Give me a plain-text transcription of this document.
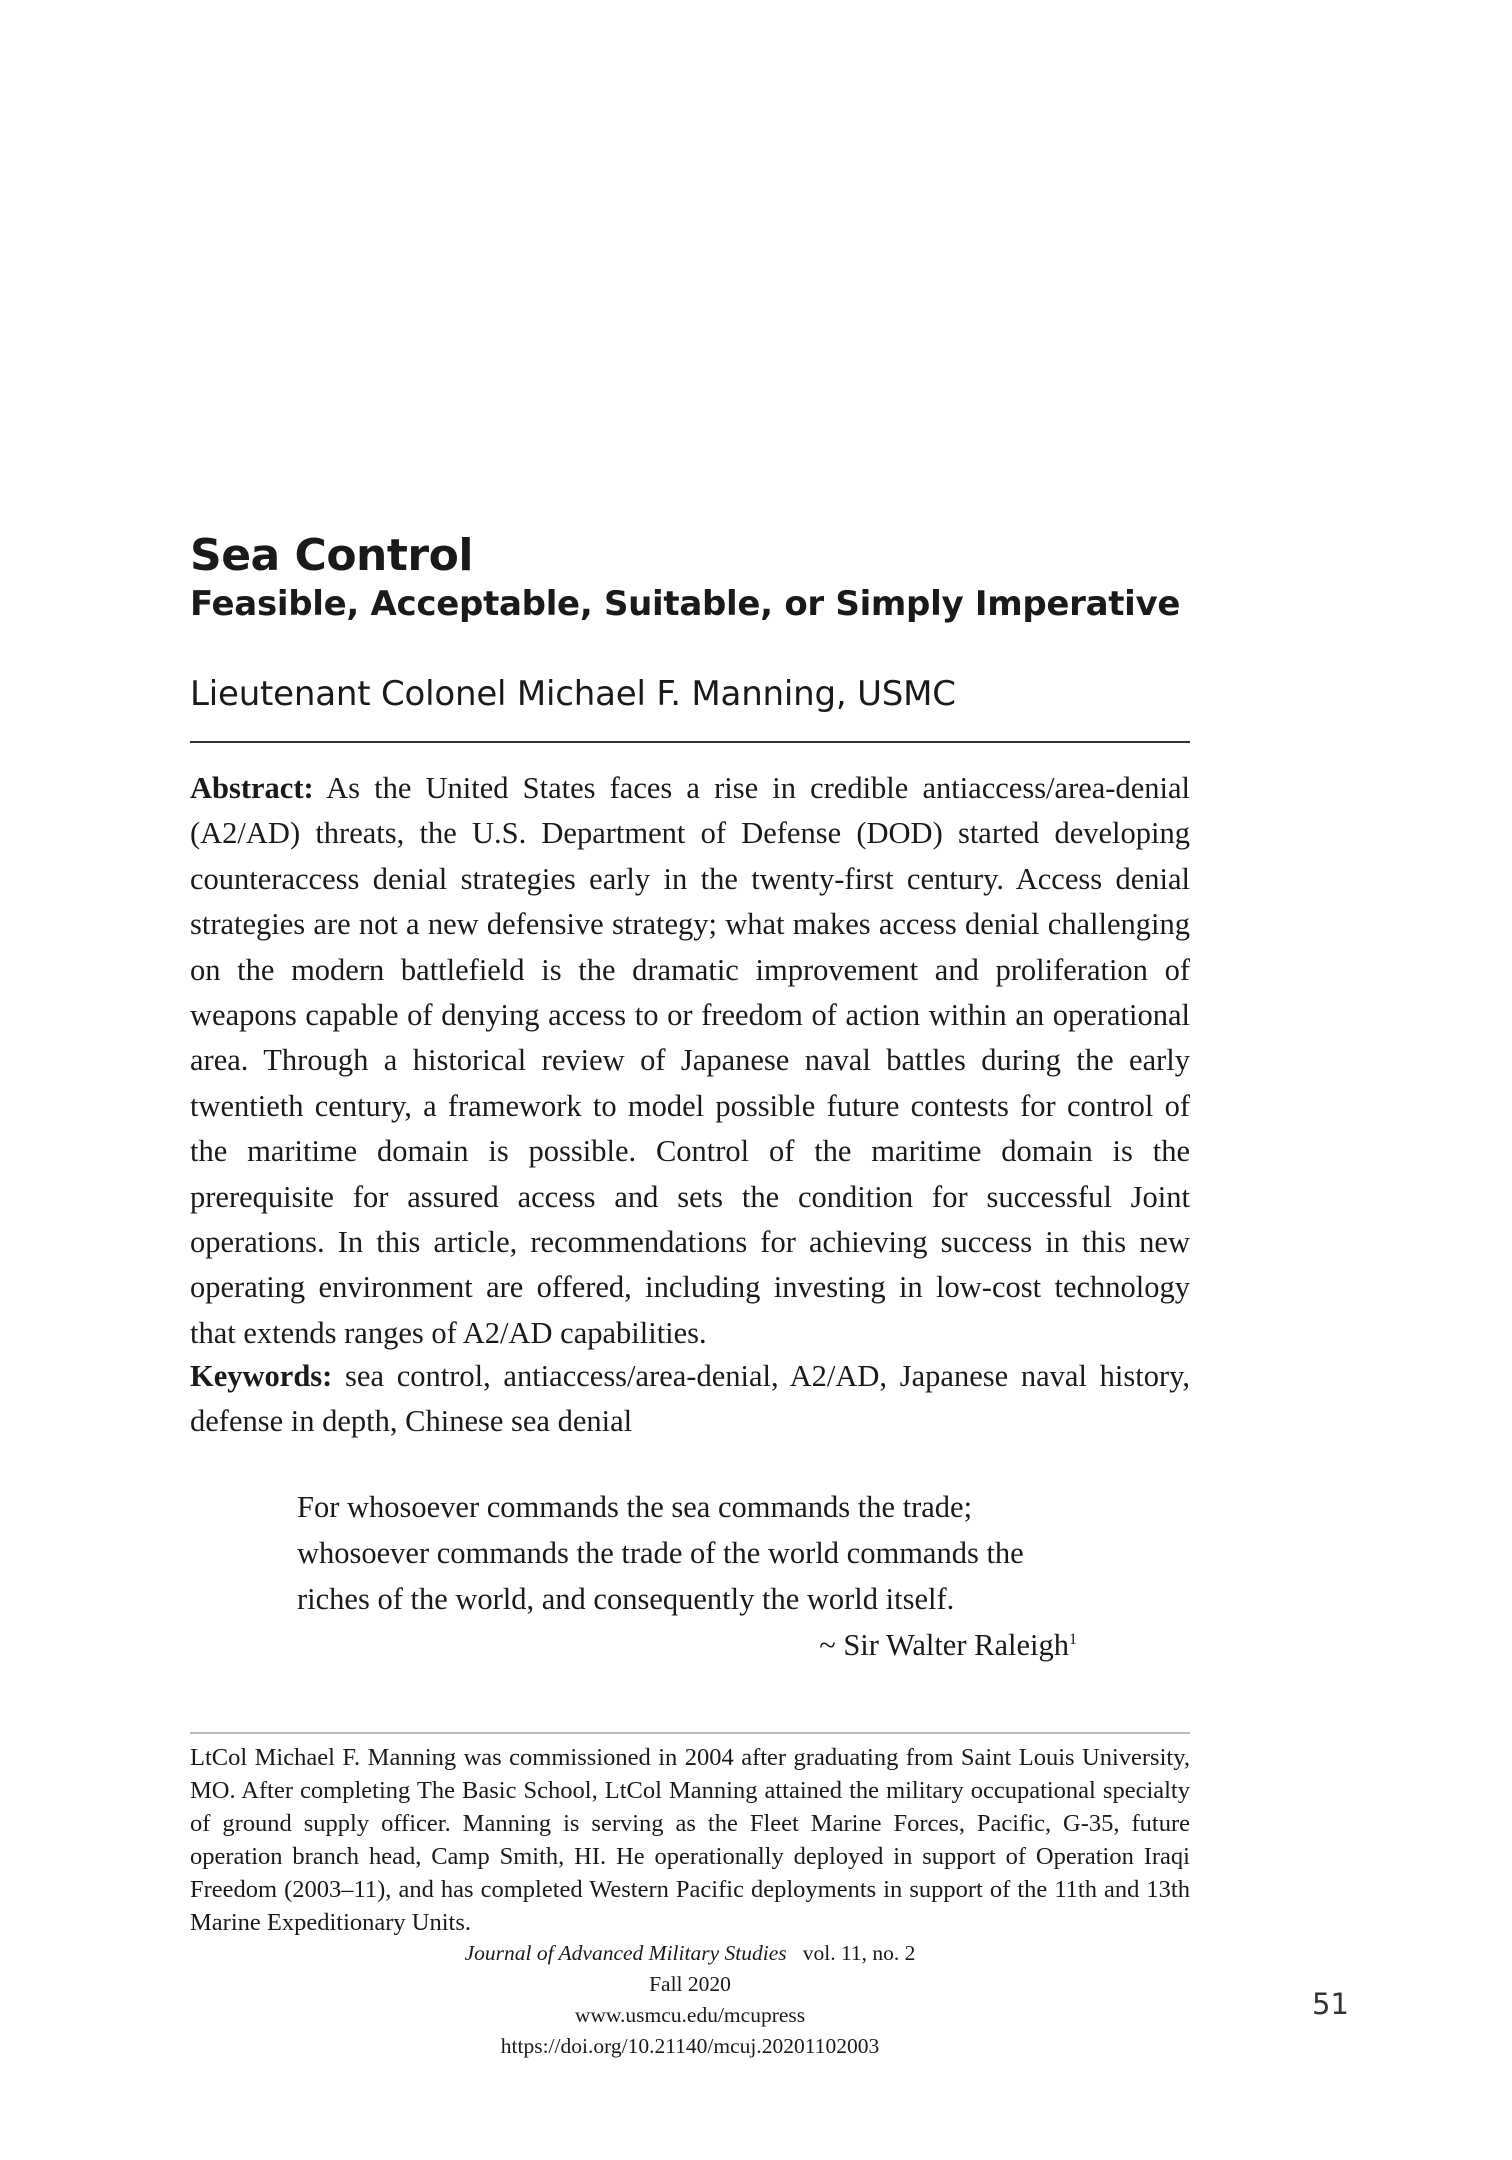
Sea Control
Feasible, Acceptable, Suitable, or Simply Imperative
Lieutenant Colonel Michael F. Manning, USMC

Abstract: As the United States faces a rise in credible antiaccess/area-denial (A2/AD) threats, the U.S. Department of Defense (DOD) started developing counteraccess denial strategies early in the twenty-first century. Access denial strategies are not a new defensive strategy; what makes access denial challenging on the modern battlefield is the dramatic improvement and proliferation of weapons capable of denying access to or freedom of action within an operational area. Through a historical review of Japanese naval battles during the early twentieth century, a framework to model possible future contests for control of the maritime domain is possible. Control of the maritime domain is the prerequisite for assured access and sets the condition for successful Joint operations. In this article, recommendations for achieving success in this new operating environment are offered, including investing in low-cost technology that extends ranges of A2/AD capabilities.

Keywords: sea control, antiaccess/area-denial, A2/AD, Japanese naval history, defense in depth, Chinese sea denial

For whosoever commands the sea commands the trade; whosoever commands the trade of the world commands the riches of the world, and consequently the world itself.

~ Sir Walter Raleigh$^1$

LtCol Michael F. Manning was commissioned in 2004 after graduating from Saint Louis University, MO. After completing The Basic School, LtCol Manning attained the military occupational specialty of ground supply officer. Manning is serving as the Fleet Marine Forces, Pacific, G-35, future operation branch head, Camp Smith, HI. He operationally deployed in support of Operation Iraqi Freedom (2003–11), and has completed Western Pacific deployments in support of the 11th and 13th Marine Expeditionary Units.

Journal of Advanced Military Studies vol. 11, no. 2
Fall 2020
www.usmcu.edu/mcupress
https://doi.org/10.21140/mcuj.20201102003
51
